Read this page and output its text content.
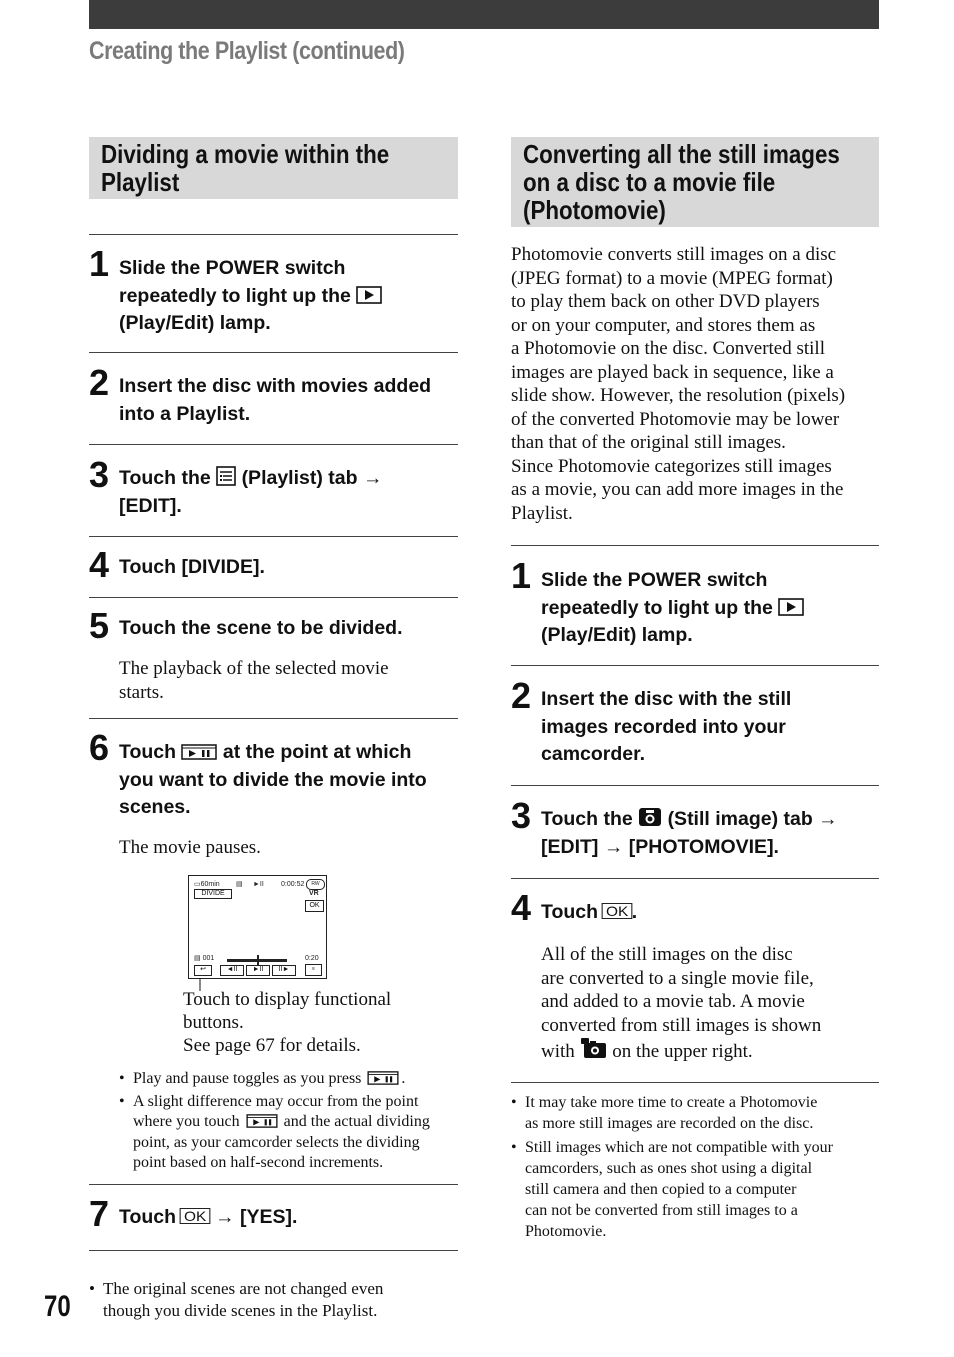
Creating the Playlist (continued)
Dividing a movie within the
Playlist
1 Slide the POWER switch
repeatedly to light up the
(Play/Edit) lamp.
2 Insert the disc with movies added
into a Playlist.
3 Touch the (Playlist) tab →
[EDIT].
4 Touch [DIVIDE].
5 Touch the scene to be divided.
The playback of the selected movie
starts.
6 Touch at the point at which
you want to divide the movie into
scenes.
The movie pauses.
▭60min ▤ ►II 0:00:52	RW
VR
DIVIDE
OK
▤ 001	0:20
↩	◄II	►II	II►	≡
Touch to display functional
buttons.
See page 67 for details.
• Play and pause toggles as you press	.
• A slight difference may occur from the point
where you touch	and the actual dividing
point, as your camcorder selects the dividing
point based on half-second increments.
7 Touch OK → [YES].
• The original scenes are not changed even
though you divide scenes in the Playlist.
70
Converting all the still images
on a disc to a movie file
(Photomovie)
Photomovie converts still images on a disc
(JPEG format) to a movie (MPEG format)
to play them back on other DVD players
or on your computer, and stores them as
a Photomovie on the disc. Converted still
images are played back in sequence, like a
slide show. However, the resolution (pixels)
of the converted Photomovie may be lower
than that of the original still images.
Since Photomovie categorizes still images
as a movie, you can add more images in the
Playlist.
1 Slide the POWER switch
repeatedly to light up the
(Play/Edit) lamp.
2 Insert the disc with the still
images recorded into your
camcorder.
3 Touch the (Still image) tab →
[EDIT] → [PHOTOMOVIE].
4 Touch OK .
All of the still images on the disc
are converted to a single movie file,
and added to a movie tab. A movie
converted from still images is shown
with on the upper right.
• It may take more time to create a Photomovie
as more still images are recorded on the disc.
• Still images which are not compatible with your
camcorders, such as ones shot using a digital
still camera and then copied to a computer
can not be converted from still images to a
Photomovie.
